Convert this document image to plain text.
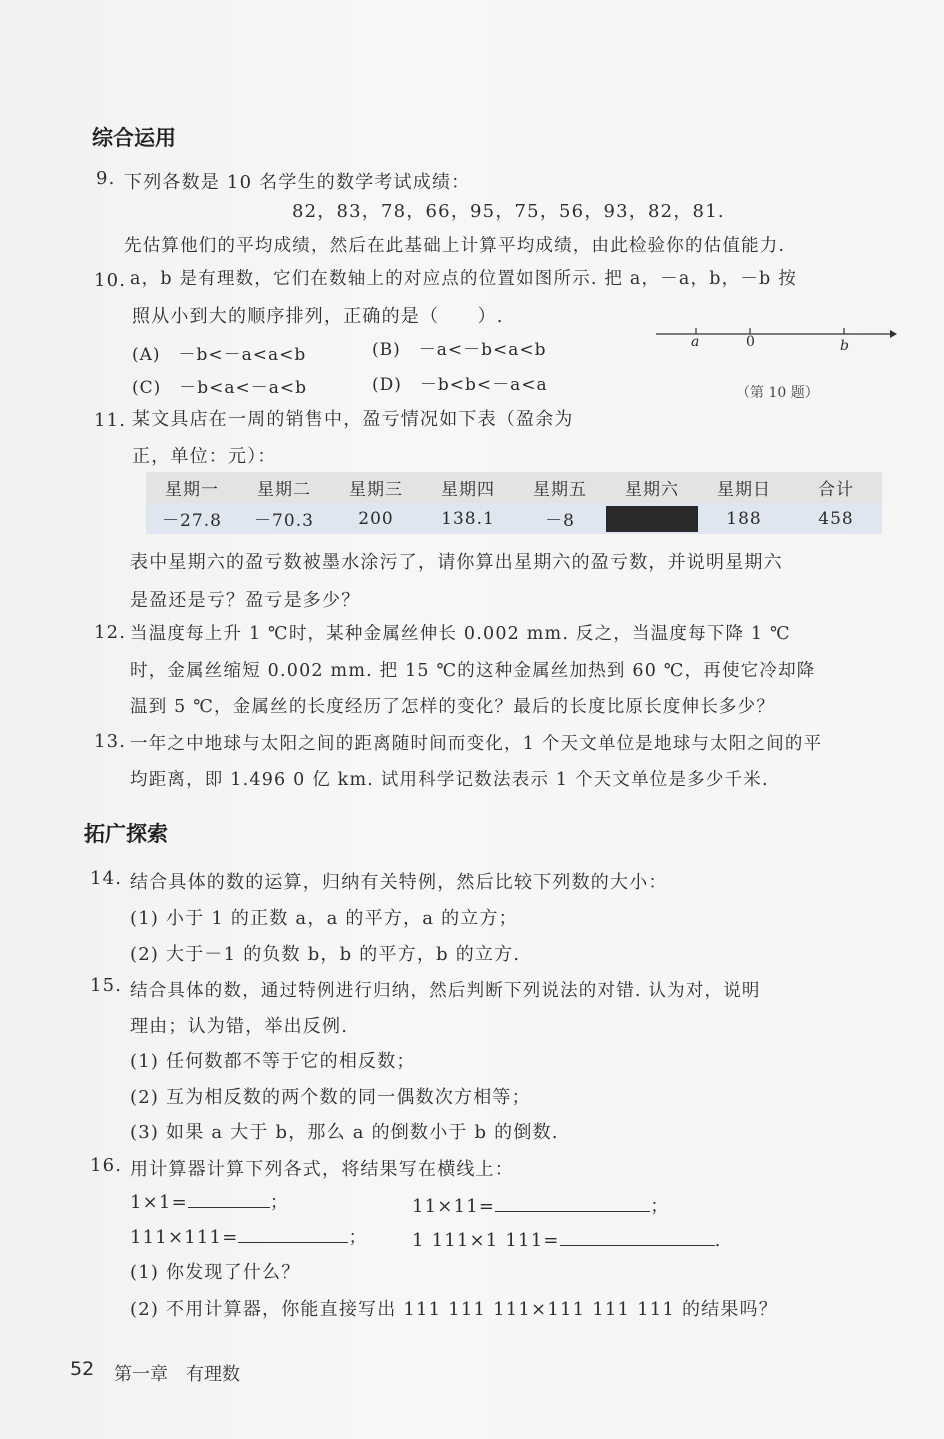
综合运用
9. 下列各数是 10 名学生的数学考试成绩：
82，83，78，66，95，75，56，93，82，81.
先估算他们的平均成绩，然后在此基础上计算平均成绩，由此检验你的估值能力.
10. a，b 是有理数，它们在数轴上的对应点的位置如图所示. 把 a，－a，b，－b 按
照从小到大的顺序排列，正确的是（　　）.
(A)　－b<－a<a<b	(B)　－a<－b<a<b
(C)　－b<a<－a<b	(D)　－b<b<－a<a
a	0	b
（第 10 题）
11. 某文具店在一周的销售中，盈亏情况如下表（盈余为
正，单位：元）：
星期一	星期二	星期三	星期四	星期五	星期六	星期日	合计
－27.8	－70.3	200	138.1	－8		188	458
表中星期六的盈亏数被墨水涂污了，请你算出星期六的盈亏数，并说明星期六
是盈还是亏？盈亏是多少？
12. 当温度每上升 1 ℃时，某种金属丝伸长 0.002 mm. 反之，当温度每下降 1 ℃
时，金属丝缩短 0.002 mm. 把 15 ℃的这种金属丝加热到 60 ℃，再使它冷却降
温到 5 ℃，金属丝的长度经历了怎样的变化？最后的长度比原长度伸长多少？
13. 一年之中地球与太阳之间的距离随时间而变化，1 个天文单位是地球与太阳之间的平
均距离，即 1.496 0 亿 km. 试用科学记数法表示 1 个天文单位是多少千米.
拓广探索
14. 结合具体的数的运算，归纳有关特例，然后比较下列数的大小：
(1) 小于 1 的正数 a，a 的平方，a 的立方；
(2) 大于－1 的负数 b，b 的平方，b 的立方.
15. 结合具体的数，通过特例进行归纳，然后判断下列说法的对错. 认为对，说明
理由；认为错，举出反例.
(1) 任何数都不等于它的相反数；
(2) 互为相反数的两个数的同一偶数次方相等；
(3) 如果 a 大于 b，那么 a 的倒数小于 b 的倒数.
16. 用计算器计算下列各式，将结果写在横线上：
1×1=	；	11×11=	；
111×111=	； 1 111×1 111=	.
(1) 你发现了什么？
(2) 不用计算器，你能直接写出 111 111 111×111 111 111 的结果吗？
52 第一章　有理数
